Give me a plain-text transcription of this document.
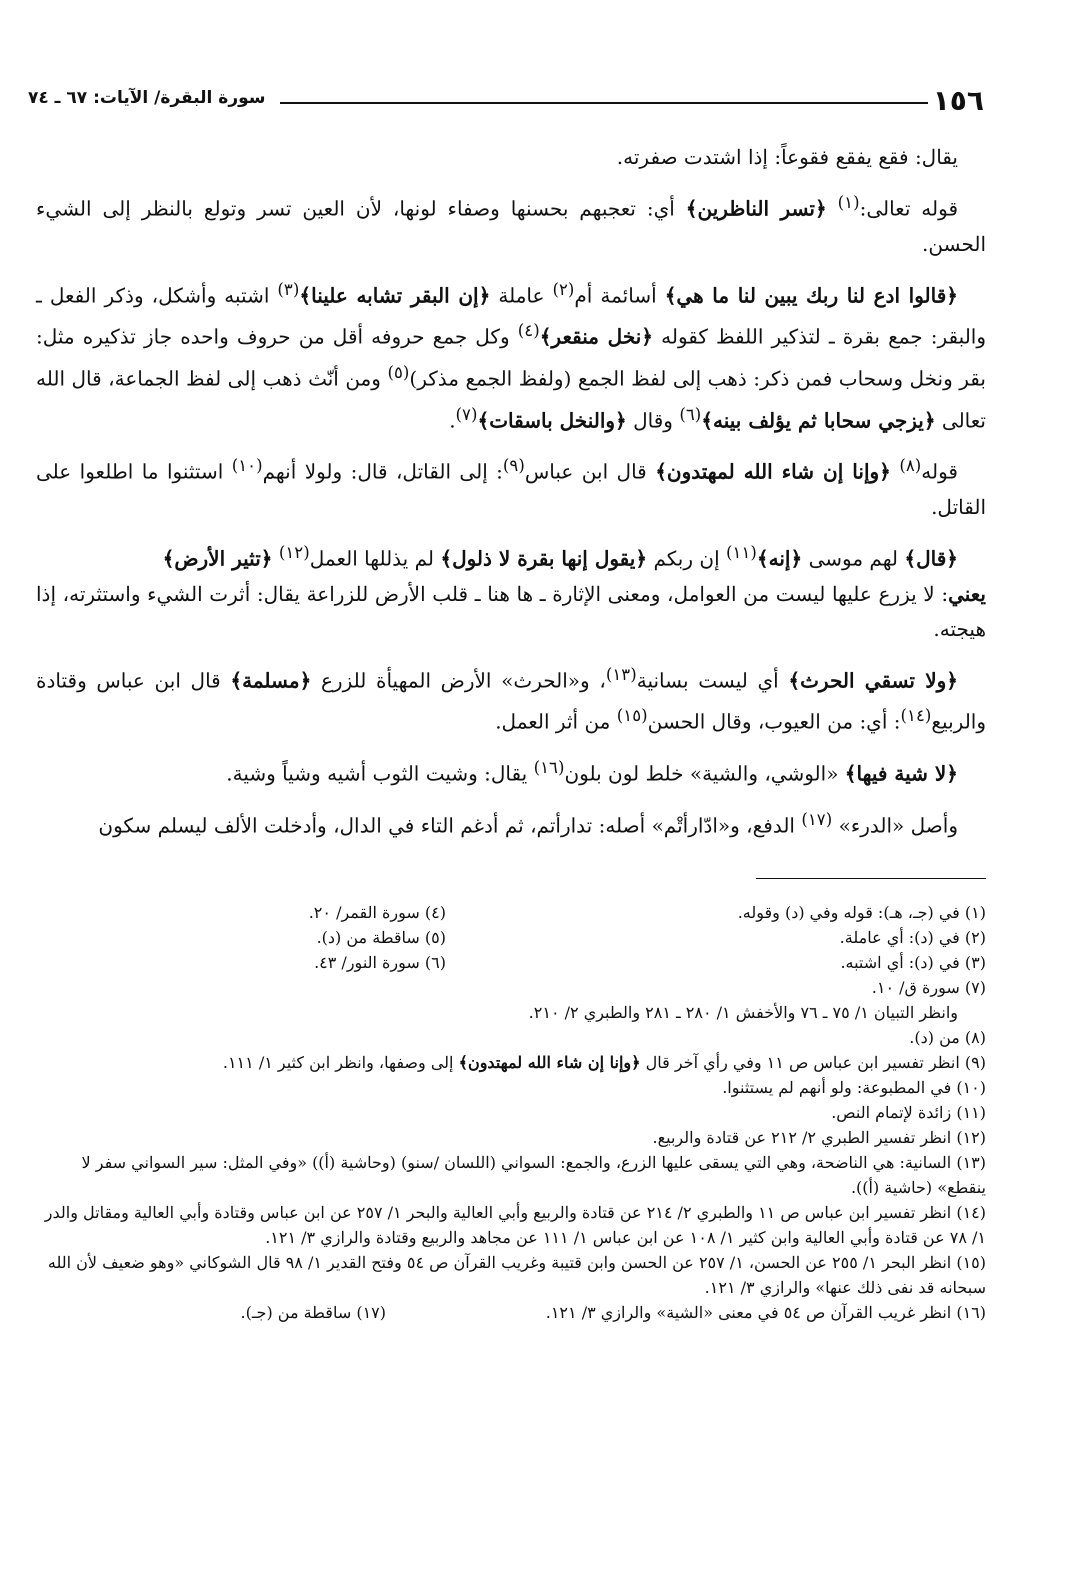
١٥٦
سورة البقرة/ الآيات: ٦٧ ـ ٧٤

يقال: فقع يفقع فقوعاً: إذا اشتدت صفرته.

قوله تعالى:$^{(١)}$ ﴿تسر الناظرين﴾ أي: تعجبهم بحسنها وصفاء لونها، لأن العين تسر وتولع بالنظر إلى الشيء الحسن.

﴿قالوا ادع لنا ربك يبين لنا ما هي﴾ أسائمة أم$^{(٢)}$ عاملة ﴿إن البقر تشابه علينا﴾$^{(٣)}$ اشتبه وأشكل، وذكر الفعل ـ والبقر: جمع بقرة ـ لتذكير اللفظ كقوله ﴿نخل منقعر﴾$^{(٤)}$ وكل جمع حروفه أقل من حروف واحده جاز تذكيره مثل: بقر ونخل وسحاب فمن ذكر: ذهب إلى لفظ الجمع (ولفظ الجمع مذكر)$^{(٥)}$ ومن أنّث ذهب إلى لفظ الجماعة، قال الله تعالى ﴿يزجي سحابا ثم يؤلف بينه﴾$^{(٦)}$ وقال ﴿والنخل باسقات﴾$^{(٧)}$.

قوله$^{(٨)}$ ﴿وإنا إن شاء الله لمهتدون﴾ قال ابن عباس$^{(٩)}$: إلى القاتل، قال: ولولا أنهم$^{(١٠)}$ استثنوا ما اطلعوا على القاتل.

﴿قال﴾ لهم موسى ﴿إنه﴾$^{(١١)}$ إن ربكم ﴿يقول إنها بقرة لا ذلول﴾ لم يذللها العمل$^{(١٢)}$ ﴿تثير الأرض﴾
يعني: لا يزرع عليها ليست من العوامل، ومعنى الإثارة ـ ها هنا ـ قلب الأرض للزراعة يقال: أثرت الشيء واستثرته، إذا هيجته.

﴿ولا تسقي الحرث﴾ أي ليست بسانية$^{(١٣)}$، و«الحرث» الأرض المهيأة للزرع ﴿مسلمة﴾ قال ابن عباس وقتادة والربيع$^{(١٤)}$: أي: من العيوب، وقال الحسن$^{(١٥)}$ من أثر العمل.

﴿لا شية فيها﴾ «الوشي، والشية» خلط لون بلون$^{(١٦)}$ يقال: وشيت الثوب أشيه وشياً وشية.

وأصل «الدرء» $^{(١٧)}$ الدفع، و«ادّارأتْم» أصله: تدارأتم، ثم أدغم التاء في الدال، وأدخلت الألف ليسلم سكون

(١) في (جـ، هـ): قوله وفي (د) وقوله.
(٤) سورة القمر/ ٢٠.
(٢) في (د): أي عاملة.
(٥) ساقطة من (د).
(٣) في (د): أي اشتبه.
(٦) سورة النور/ ٤٣.
(٧) سورة ق/ ١٠.
وانظر التبيان ١/ ٧٥ ـ ٧٦ والأخفش ١/ ٢٨٠ ـ ٢٨١ والطبري ٢/ ٢١٠.
(٨) من (د).
(٩) انظر تفسير ابن عباس ص ١١ وفي رأي آخر قال ﴿وإنا إن شاء الله لمهتدون﴾ إلى وصفها، وانظر ابن كثير ١/ ١١١.
(١٠) في المطبوعة: ولو أنهم لم يستثنوا.
(١١) زائدة لإتمام النص.
(١٢) انظر تفسير الطبري ٢/ ٢١٢ عن قتادة والربيع.
(١٣) السانية: هي الناضحة، وهي التي يسقى عليها الزرع، والجمع: السواني (اللسان /سنو) (وحاشية (أ)) «وفي المثل: سير السواني سفر لا ينقطع» (حاشية (أ)).
(١٤) انظر تفسير ابن عباس ص ١١ والطبري ٢/ ٢١٤ عن قتادة والربيع وأبي العالية والبحر ١/ ٢٥٧ عن ابن عباس وقتادة وأبي العالية ومقاتل والدر ١/ ٧٨ عن قتادة وأبي العالية وابن كثير ١/ ١٠٨ عن ابن عباس ١/ ١١١ عن مجاهد والربيع وقتادة والرازي ٣/ ١٢١.
(١٥) انظر البحر ١/ ٢٥٥ عن الحسن، ١/ ٢٥٧ عن الحسن وابن قتيبة وغريب القرآن ص ٥٤ وفتح القدير ١/ ٩٨ قال الشوكاني «وهو ضعيف لأن الله سبحانه قد نفى ذلك عنها» والرازي ٣/ ١٢١.
(١٦) انظر غريب القرآن ص ٥٤ في معنى «الشية» والرازي ٣/ ١٢١.
(١٧) ساقطة من (جـ).
